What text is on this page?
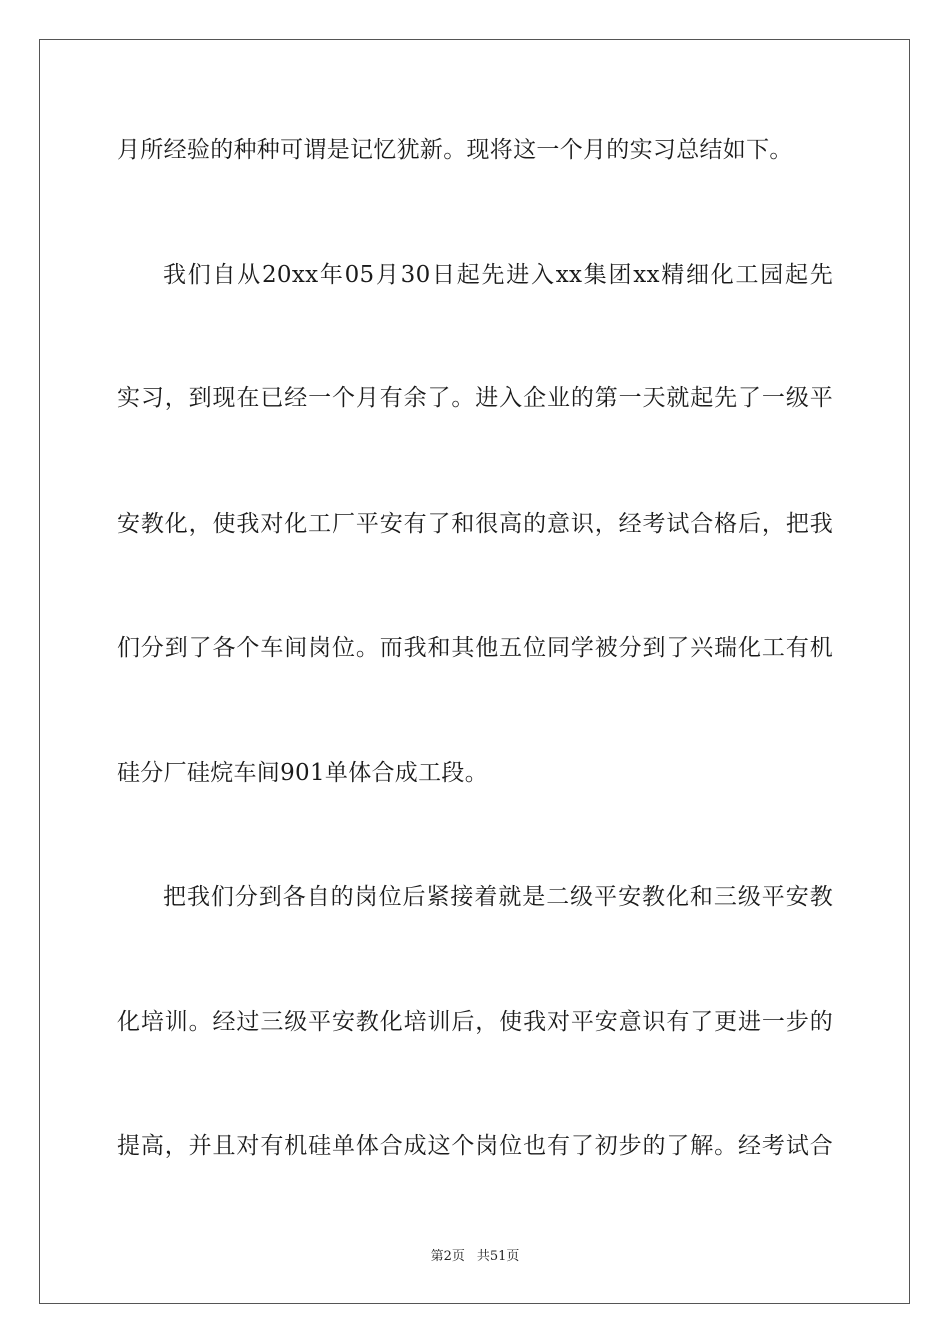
月所经验的种种可谓是记忆犹新。现将这一个月的实习总结如下。
我们自从20xx年05月30日起先进入xx集团xx精细化工园起先
实习，到现在已经一个月有余了。进入企业的第一天就起先了一级平
安教化，使我对化工厂平安有了和很高的意识，经考试合格后，把我
们分到了各个车间岗位。而我和其他五位同学被分到了兴瑞化工有机
硅分厂硅烷车间901单体合成工段。
把我们分到各自的岗位后紧接着就是二级平安教化和三级平安教
化培训。经过三级平安教化培训后，使我对平安意识有了更进一步的
提高，并且对有机硅单体合成这个岗位也有了初步的了解。经考试合
第2页 共51页
